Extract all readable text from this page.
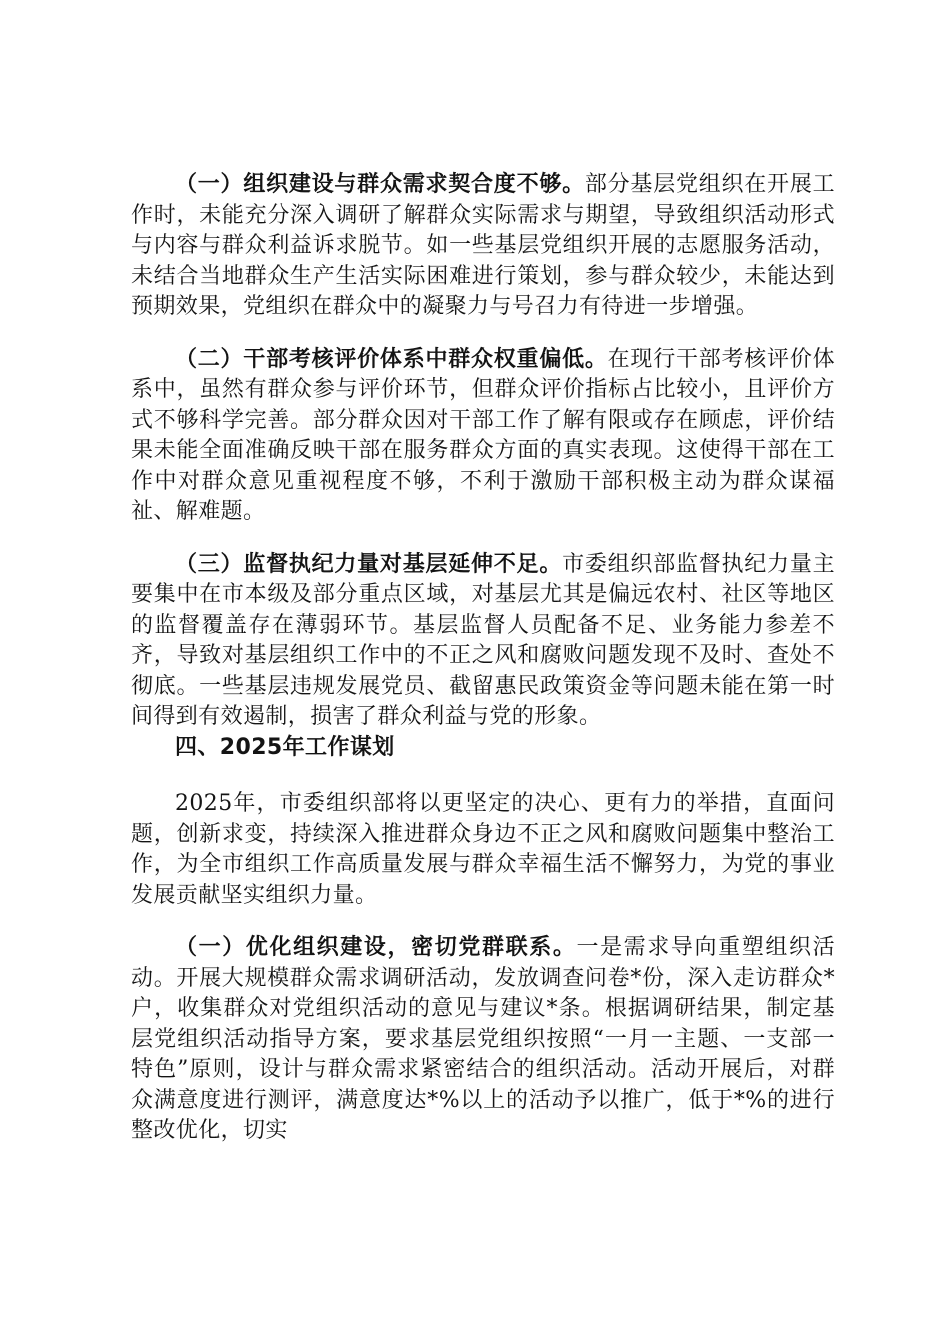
（一）组织建设与群众需求契合度不够。部分基层党组织在开展工作时，未能充分深入调研了解群众实际需求与期望，导致组织活动形式与内容与群众利益诉求脱节。如一些基层党组织开展的志愿服务活动，未结合当地群众生产生活实际困难进行策划，参与群众较少，未能达到预期效果，党组织在群众中的凝聚力与号召力有待进一步增强。

（二）干部考核评价体系中群众权重偏低。在现行干部考核评价体系中，虽然有群众参与评价环节，但群众评价指标占比较小，且评价方式不够科学完善。部分群众因对干部工作了解有限或存在顾虑，评价结果未能全面准确反映干部在服务群众方面的真实表现。这使得干部在工作中对群众意见重视程度不够，不利于激励干部积极主动为群众谋福祉、解难题。

（三）监督执纪力量对基层延伸不足。市委组织部监督执纪力量主要集中在市本级及部分重点区域，对基层尤其是偏远农村、社区等地区的监督覆盖存在薄弱环节。基层监督人员配备不足、业务能力参差不齐，导致对基层组织工作中的不正之风和腐败问题发现不及时、查处不彻底。一些基层违规发展党员、截留惠民政策资金等问题未能在第一时间得到有效遏制，损害了群众利益与党的形象。

四、2025年工作谋划

2025年，市委组织部将以更坚定的决心、更有力的举措，直面问题，创新求变，持续深入推进群众身边不正之风和腐败问题集中整治工作，为全市组织工作高质量发展与群众幸福生活不懈努力，为党的事业发展贡献坚实组织力量。

（一）优化组织建设，密切党群联系。一是需求导向重塑组织活动。开展大规模群众需求调研活动，发放调查问卷*份，深入走访群众*户，收集群众对党组织活动的意见与建议*条。根据调研结果，制定基层党组织活动指导方案，要求基层党组织按照“一月一主题、一支部一特色”原则，设计与群众需求紧密结合的组织活动。活动开展后，对群众满意度进行测评，满意度达*%以上的活动予以推广，低于*%的进行整改优化，切实
